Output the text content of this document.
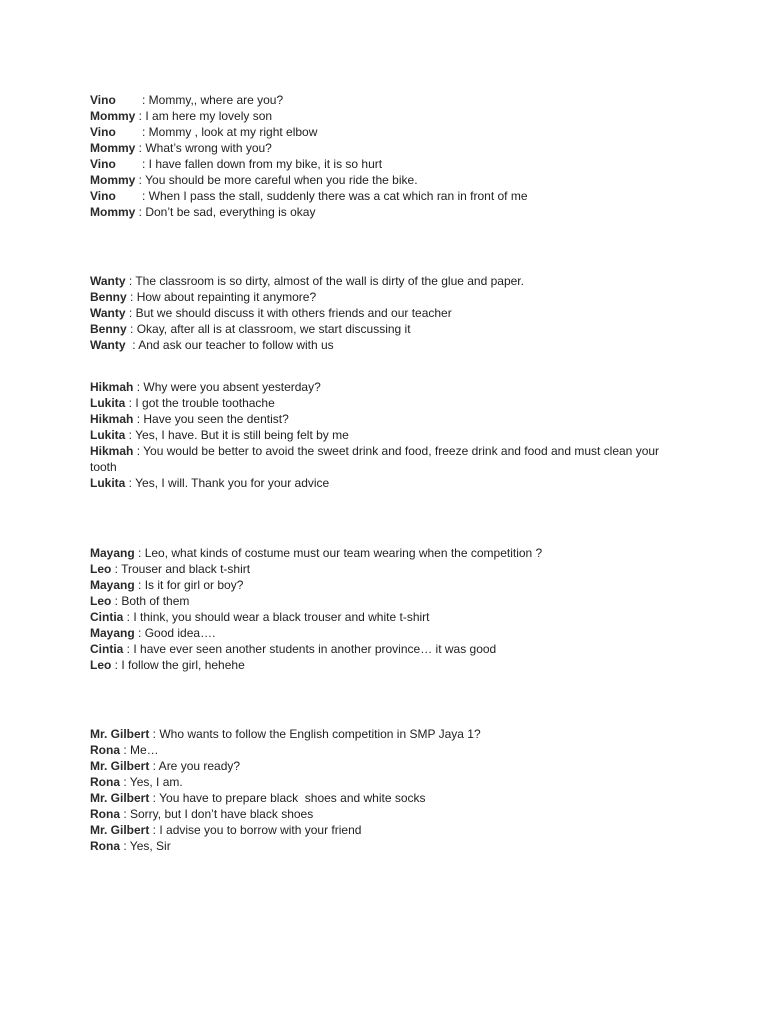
Vino : Mommy,, where are you?
Mommy : I am here my lovely son
Vino : Mommy , look at my right elbow
Mommy : What’s wrong with you?
Vino : I have fallen down from my bike, it is so hurt
Mommy : You should be more careful when you ride the bike.
Vino : When I pass the stall, suddenly there was a cat which ran in front of me
Mommy : Don’t be sad, everything is okay
Wanty : The classroom is so dirty, almost of the wall is dirty of the glue and paper.
Benny : How about repainting it anymore?
Wanty : But we should discuss it with others friends and our teacher
Benny : Okay, after all is at classroom, we start discussing it
Wanty  : And ask our teacher to follow with us
Hikmah : Why were you absent yesterday?
Lukita : I got the trouble toothache
Hikmah : Have you seen the dentist?
Lukita : Yes, I have. But it is still being felt by me
Hikmah : You would be better to avoid the sweet drink and food, freeze drink and food and must clean your tooth
Lukita : Yes, I will. Thank you for your advice
Mayang : Leo, what kinds of costume must our team wearing when the competition ?
Leo : Trouser and black t-shirt
Mayang : Is it for girl or boy?
Leo : Both of them
Cintia : I think, you should wear a black trouser and white t-shirt
Mayang : Good idea….
Cintia : I have ever seen another students in another province… it was good
Leo : I follow the girl, hehehe
Mr. Gilbert : Who wants to follow the English competition in SMP Jaya 1?
Rona : Me…
Mr. Gilbert : Are you ready?
Rona : Yes, I am.
Mr. Gilbert : You have to prepare black  shoes and white socks
Rona : Sorry, but I don’t have black shoes
Mr. Gilbert : I advise you to borrow with your friend
Rona : Yes, Sir
